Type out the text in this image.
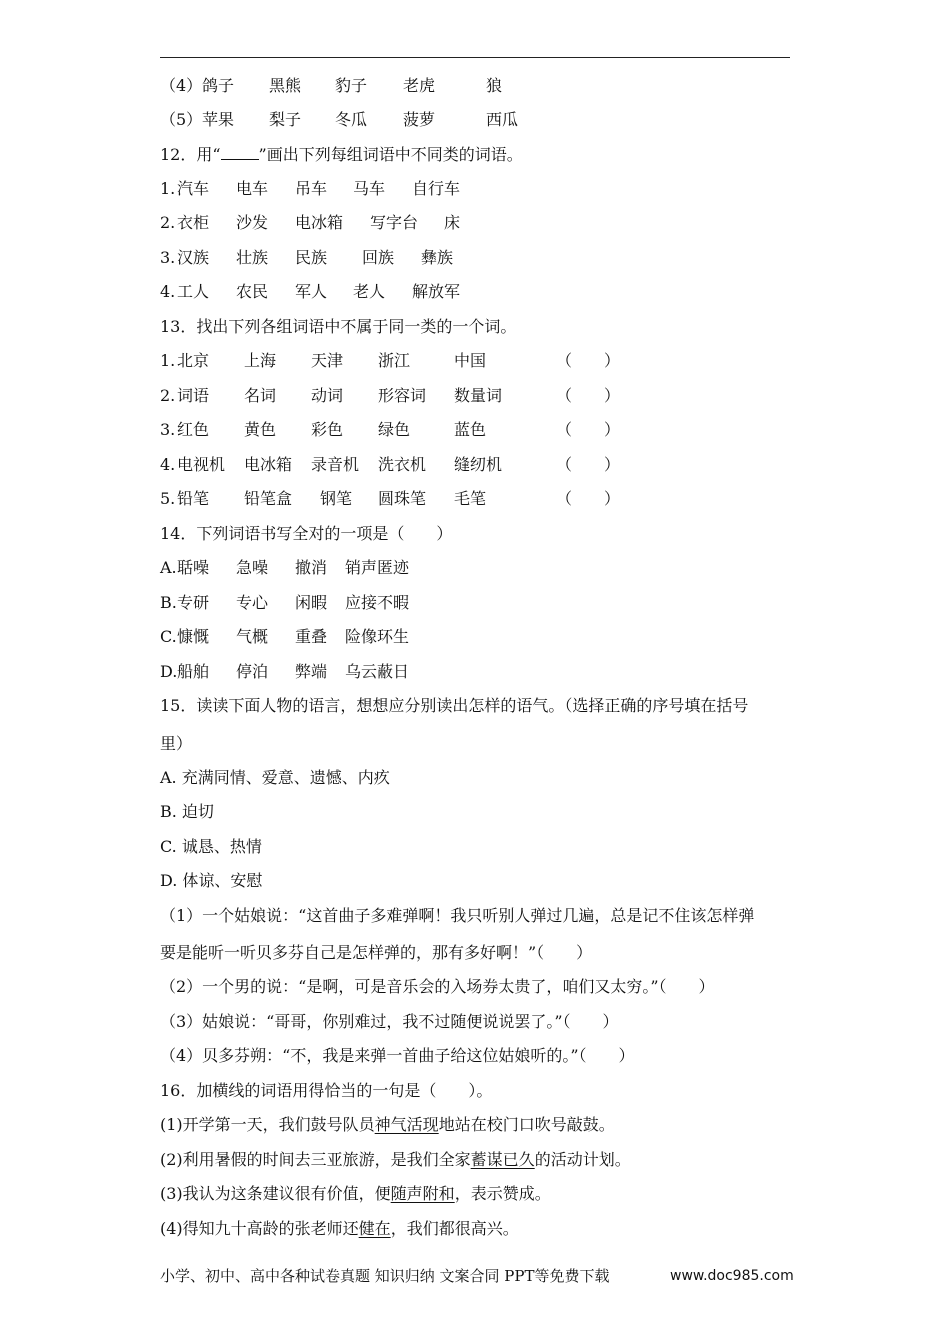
（4） 鸽子 黑熊 豹子 老虎	狼
（5） 苹果 梨子 冬瓜 菠萝	西瓜
12．用“ ”画出下列每组词语中不同类的词语。
1. 汽车 电车 吊车 马车 自行车
2. 衣柜 沙发 电冰箱 写字台 床
3. 汉族 壮族 民族 回族 彝族
4. 工人 农民 军人 老人 解放军
13．找出下列各组词语中不属于同一类的一个词。
1. 北京 上海 天津 浙江	中国	（　　）
2. 词语 名词 动词 形容词 数量词	（　　）
3. 红色 黄色 彩色 绿色	蓝色	（　　）
4. 电视机 电冰箱 录音机 洗衣机 缝纫机	（　　）
5. 铅笔 铅笔盒 钢笔 圆珠笔 毛笔	（　　）
14．下列词语书写全对的一项是（　　）
A. 聒噪 急噪 撤消 销声匿迹
B. 专研 专心 闲暇 应接不暇
C. 慷慨 气概 重叠 险像环生
D. 船舶 停泊 弊端 乌云蔽日
15．读读下面人物的语言，想想应分别读出怎样的语气。（选择正确的序号填在括号
里）
A. 充满同情、爱意、遗憾、内疚
B. 迫切
C. 诚恳、热情
D. 体谅、安慰
（1）一个姑娘说：“这首曲子多难弹啊！我只听别人弹过几遍，总是记不住该怎样弹
要是能听一听贝多芬自己是怎样弹的，那有多好啊！”（　　）
（2）一个男的说：“是啊，可是音乐会的入场券太贵了，咱们又太穷。”（　　）
（3）姑娘说：“哥哥，你别难过，我不过随便说说罢了。”（　　）
（4）贝多芬朔：“不，我是来弹一首曲子给这位姑娘听的。”（　　）
16．加横线的词语用得恰当的一句是（　　）。
(1)开学第一天，我们鼓号队员神气活现地站在校门口吹号敲鼓。
(2)利用暑假的时间去三亚旅游，是我们全家蓄谋已久的活动计划。
(3)我认为这条建议很有价值，便随声附和，表示赞成。
(4)得知九十高龄的张老师还健在，我们都很高兴。
小学、初中、高中各种试卷真题 知识归纳 文案合同 PPT等免费下载	www.doc985.com
